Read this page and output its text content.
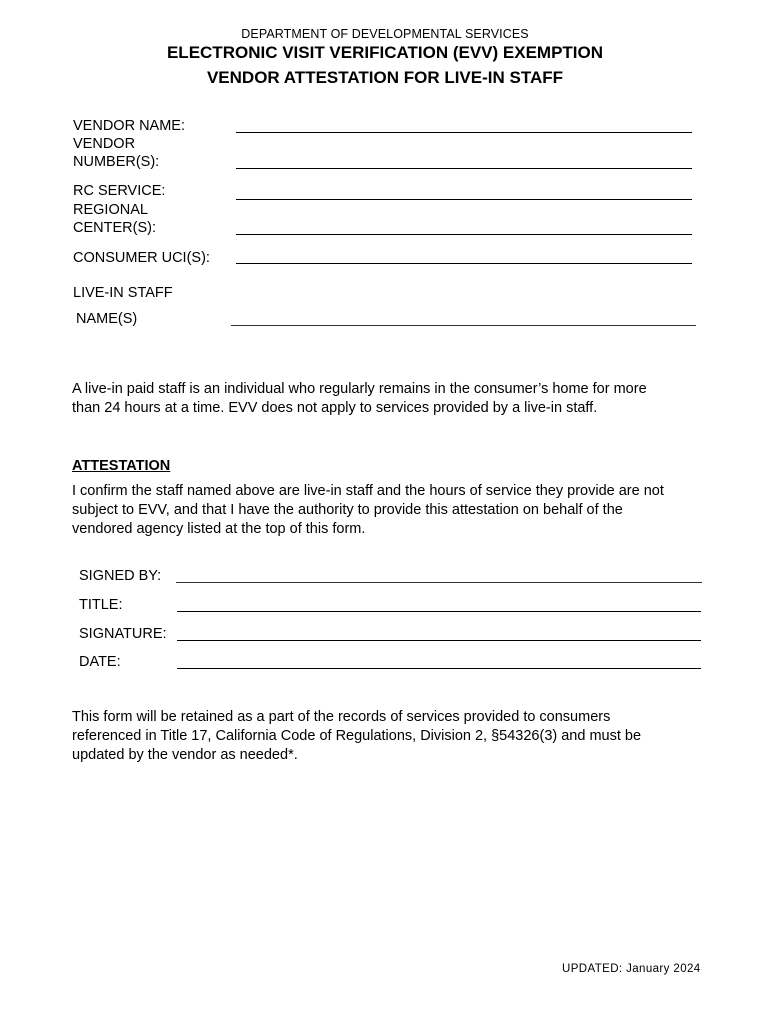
DEPARTMENT OF DEVELOPMENTAL SERVICES
ELECTRONIC VISIT VERIFICATION (EVV) EXEMPTION
VENDOR ATTESTATION FOR LIVE-IN STAFF
VENDOR NAME:
VENDOR
NUMBER(S):
RC SERVICE:
REGIONAL
CENTER(S):
CONSUMER UCI(S):
LIVE-IN STAFF
NAME(S)
A live-in paid staff is an individual who regularly remains in the consumer’s home for more
than 24 hours at a time. EVV does not apply to services provided by a live-in staff.
ATTESTATION
I confirm the staff named above are live-in staff and the hours of service they provide are not
subject to EVV, and that I have the authority to provide this attestation on behalf of the
vendored agency listed at the top of this form.
SIGNED BY:
TITLE:
SIGNATURE:
DATE:
This form will be retained as a part of the records of services provided to consumers
referenced in Title 17, California Code of Regulations, Division 2, §54326(3) and must be
updated by the vendor as needed*.
UPDATED: January 2024
